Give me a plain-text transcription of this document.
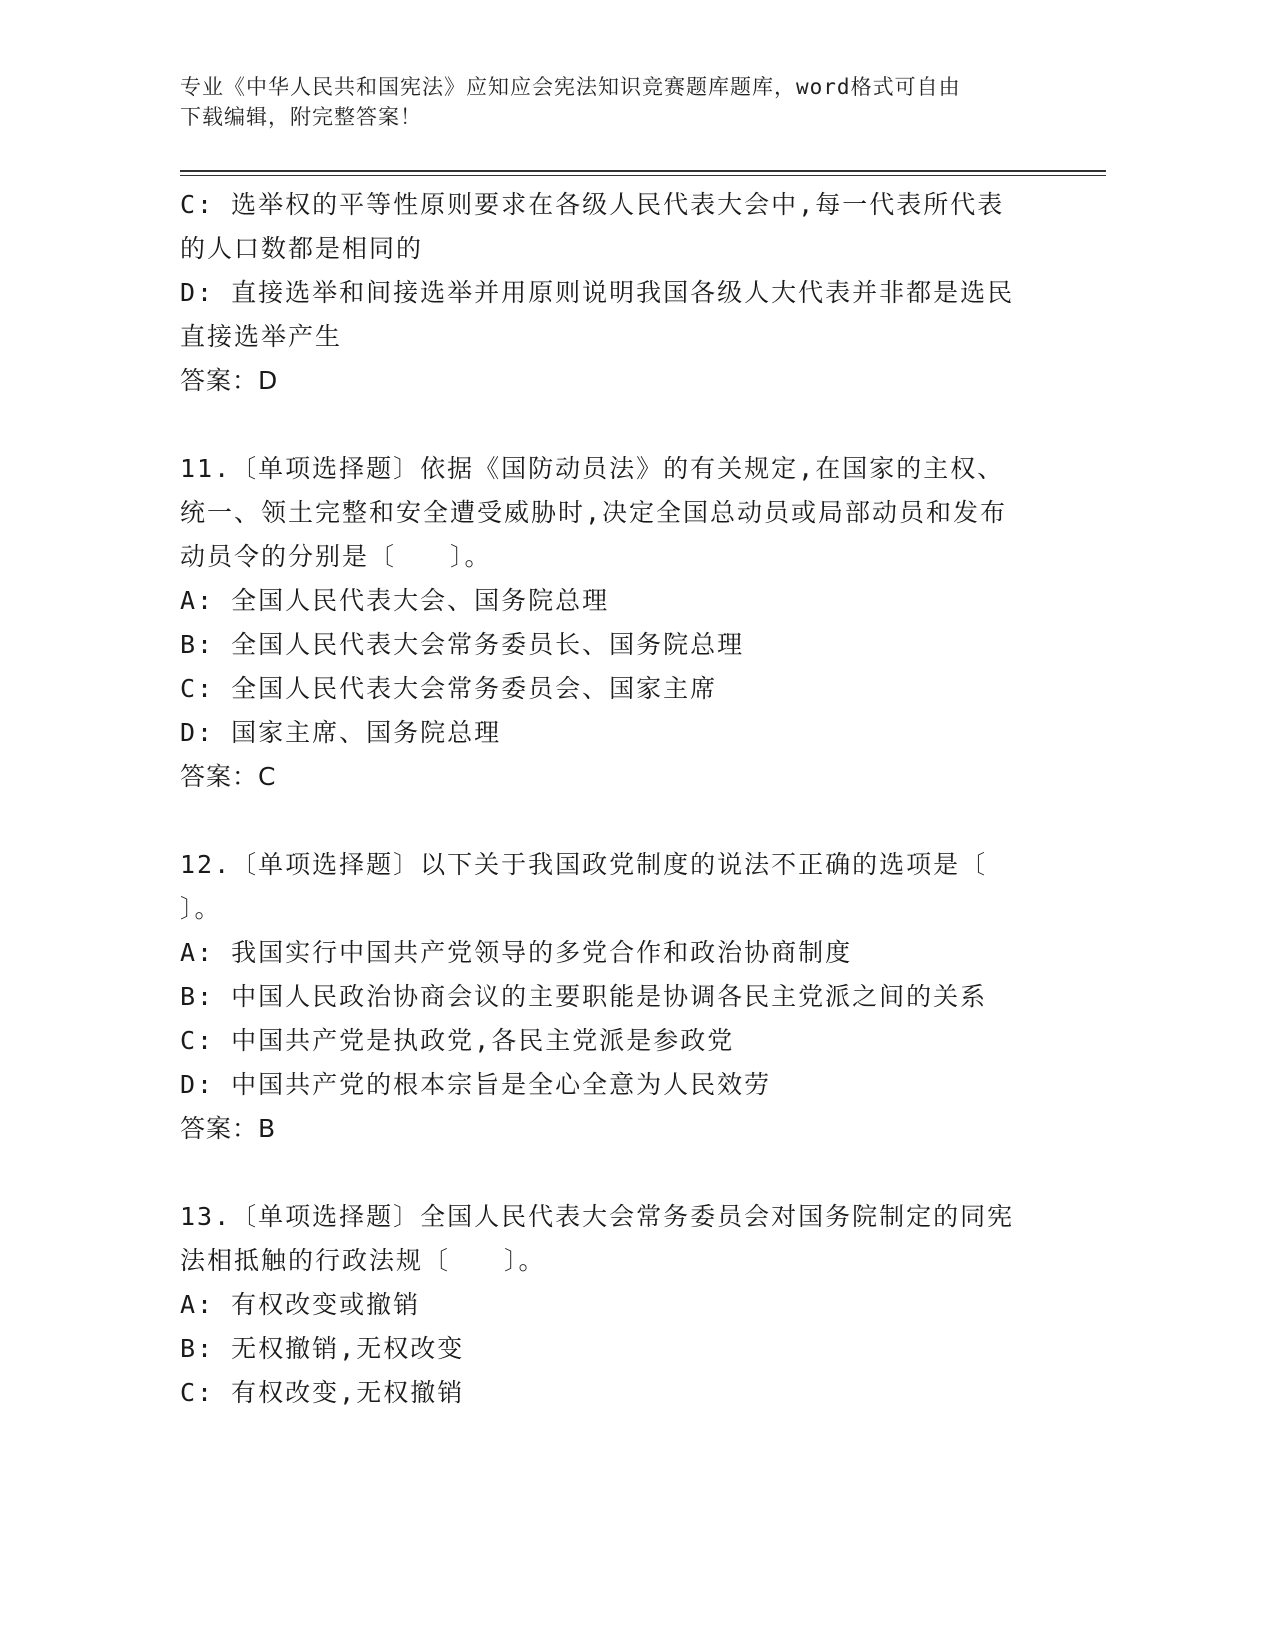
专业《中华人民共和国宪法》应知应会宪法知识竞赛题库题库，word格式可自由
下载编辑，附完整答案！
C: 选举权的平等性原则要求在各级人民代表大会中,每一代表所代表
的人口数都是相同的
D: 直接选举和间接选举并用原则说明我国各级人大代表并非都是选民
直接选举产生
答案：D
11.〔单项选择题〕依据《国防动员法》的有关规定,在国家的主权、
统一、领土完整和安全遭受威胁时,决定全国总动员或局部动员和发布
动员令的分别是〔　　〕。
A: 全国人民代表大会、国务院总理
B: 全国人民代表大会常务委员长、国务院总理
C: 全国人民代表大会常务委员会、国家主席
D: 国家主席、国务院总理
答案：C
12.〔单项选择题〕以下关于我国政党制度的说法不正确的选项是〔
〕。
A: 我国实行中国共产党领导的多党合作和政治协商制度
B: 中国人民政治协商会议的主要职能是协调各民主党派之间的关系
C: 中国共产党是执政党,各民主党派是参政党
D: 中国共产党的根本宗旨是全心全意为人民效劳
答案：B
13.〔单项选择题〕全国人民代表大会常务委员会对国务院制定的同宪
法相抵触的行政法规〔　　〕。
A: 有权改变或撤销
B: 无权撤销,无权改变
C: 有权改变,无权撤销
